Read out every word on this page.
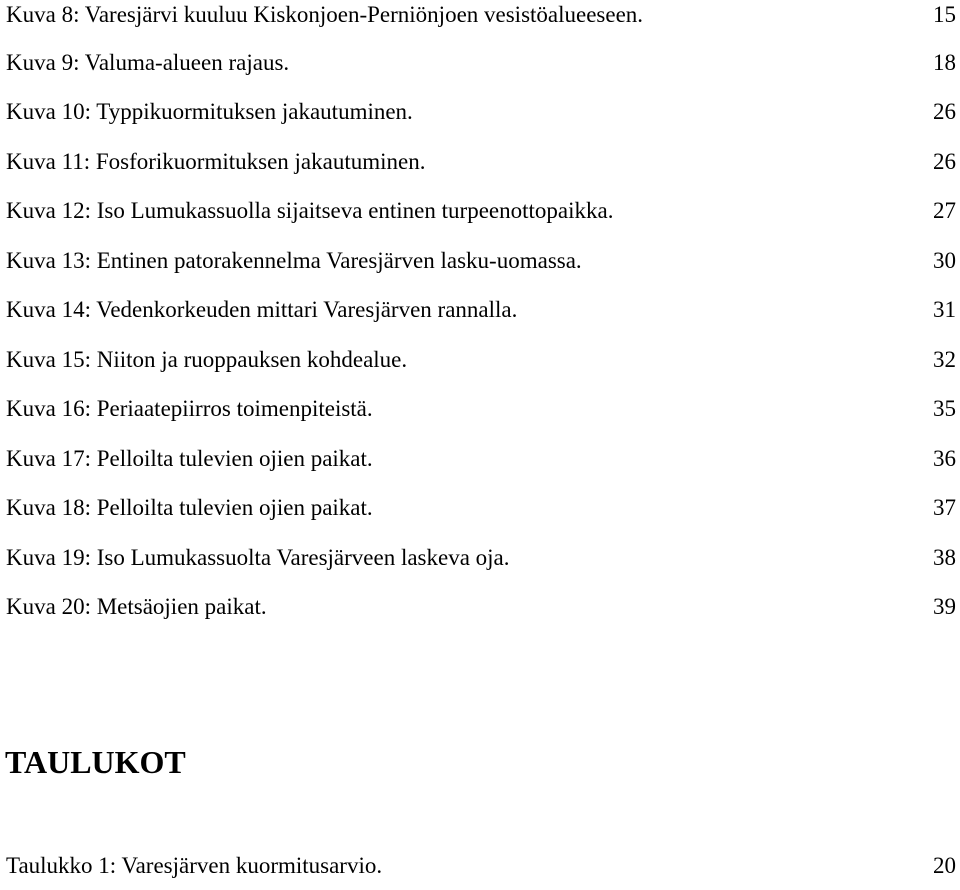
Kuva 8: Varesjärvi kuuluu Kiskonjoen-Perniönjoen vesistöalueeseen.	15
Kuva 9: Valuma-alueen rajaus.	18
Kuva 10: Typpikuormituksen jakautuminen.	26
Kuva 11: Fosforikuormituksen jakautuminen.	26
Kuva 12: Iso Lumukassuolla sijaitseva entinen turpeenottopaikka.	27
Kuva 13: Entinen patorakennelma Varesjärven lasku-uomassa.	30
Kuva 14: Vedenkorkeuden mittari Varesjärven rannalla.	31
Kuva 15: Niiton ja ruoppauksen kohdealue.	32
Kuva 16: Periaatepiirros toimenpiteistä.	35
Kuva 17: Pelloilta tulevien ojien paikat.	36
Kuva 18: Pelloilta tulevien ojien paikat.	37
Kuva 19: Iso Lumukassuolta Varesjärveen laskeva oja.	38
Kuva 20: Metsäojien paikat.	39
TAULUKOT
Taulukko 1: Varesjärven kuormitusarvio.	20
